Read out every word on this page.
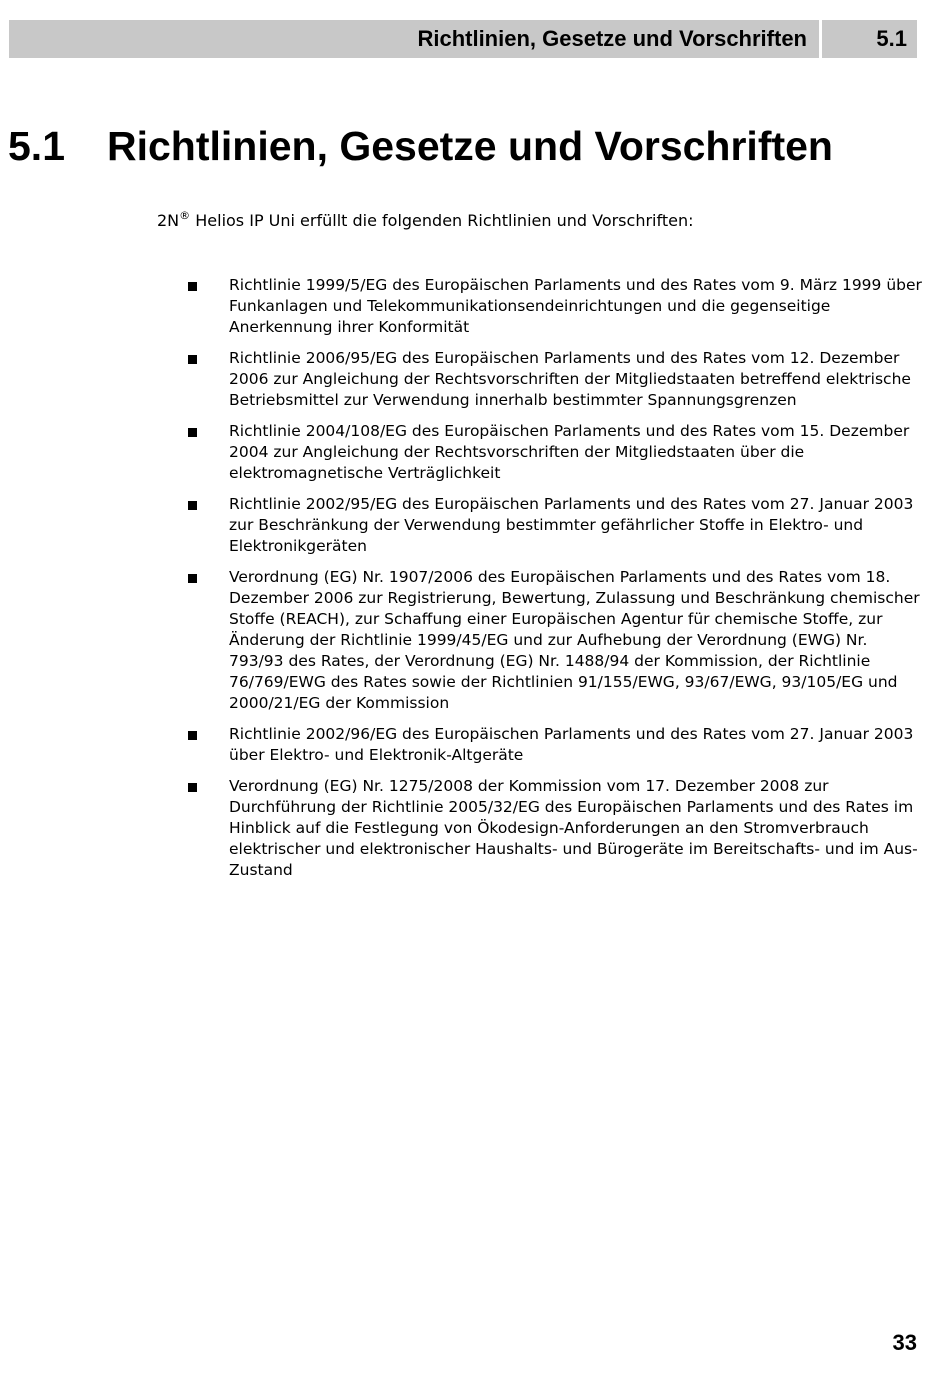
Richtlinien, Gesetze und Vorschriften	5.1
5.1 Richtlinien, Gesetze und Vorschriften

2N® Helios IP Uni erfüllt die folgenden Richtlinien und Vorschriften:

Richtlinie 1999/5/EG des Europäischen Parlaments und des Rates vom 9. März 1999 über Funkanlagen und Telekommunikationsendeinrichtungen und die gegenseitige Anerkennung ihrer Konformität
Richtlinie 2006/95/EG des Europäischen Parlaments und des Rates vom 12. Dezember 2006 zur Angleichung der Rechtsvorschriften der Mitgliedstaaten betreffend elektrische Betriebsmittel zur Verwendung innerhalb bestimmter Spannungsgrenzen
Richtlinie 2004/108/EG des Europäischen Parlaments und des Rates vom 15. Dezember 2004 zur Angleichung der Rechtsvorschriften der Mitgliedstaaten über die elektromagnetische Verträglichkeit
Richtlinie 2002/95/EG des Europäischen Parlaments und des Rates vom 27. Januar 2003 zur Beschränkung der Verwendung bestimmter gefährlicher Stoffe in Elektro- und Elektronikgeräten
Verordnung (EG) Nr. 1907/2006 des Europäischen Parlaments und des Rates vom 18. Dezember 2006 zur Registrierung, Bewertung, Zulassung und Beschränkung chemischer Stoffe (REACH), zur Schaffung einer Europäischen Agentur für chemische Stoffe, zur Änderung der Richtlinie 1999/45/EG und zur Aufhebung der Verordnung (EWG) Nr. 793/93 des Rates, der Verordnung (EG) Nr. 1488/94 der Kommission, der Richtlinie 76/769/EWG des Rates sowie der Richtlinien 91/155/EWG, 93/67/EWG, 93/105/EG und 2000/21/EG der Kommission
Richtlinie 2002/96/EG des Europäischen Parlaments und des Rates vom 27. Januar 2003 über Elektro- und Elektronik-Altgeräte
Verordnung (EG) Nr. 1275/2008 der Kommission vom 17. Dezember 2008 zur Durchführung der Richtlinie 2005/32/EG des Europäischen Parlaments und des Rates im Hinblick auf die Festlegung von Ökodesign-Anforderungen an den Stromverbrauch elektrischer und elektronischer Haushalts- und Bürogeräte im Bereitschafts- und im Aus-Zustand
33
